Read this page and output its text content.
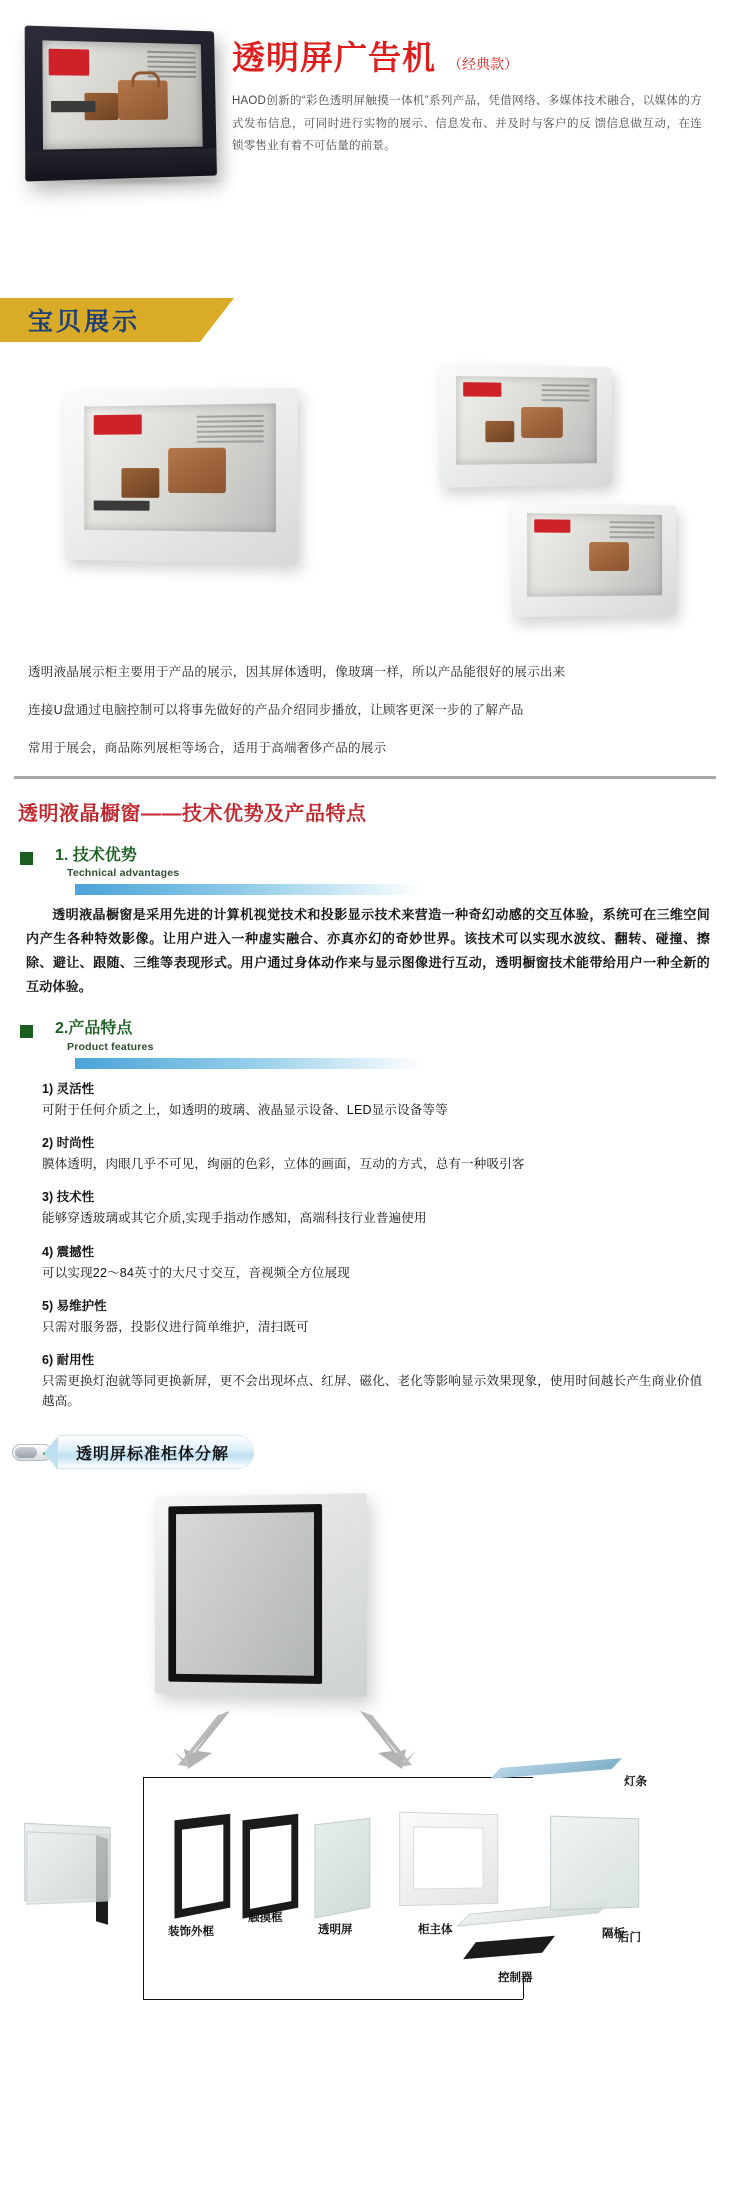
透明屏广告机 （经典款）
HAOD创新的“彩色透明屏触摸一体机”系列产品，凭借网络、多媒体技术融合，以媒体的方式发布信息，可同时进行实物的展示、信息发布、并及时与客户的反 馈信息做互动，在连锁零售业有着不可估量的前景。
宝贝展示

透明液晶展示柜主要用于产品的展示，因其屏体透明，像玻璃一样，所以产品能很好的展示出来

连接U盘通过电脑控制可以将事先做好的产品介绍同步播放，让顾客更深一步的了解产品

常用于展会，商品陈列展柜等场合，适用于高端奢侈产品的展示

透明液晶橱窗——技术优势及产品特点
1. 技术优势
Technical advantages
透明液晶橱窗是采用先进的计算机视觉技术和投影显示技术来营造一种奇幻动感的交互体验，系统可在三维空间内产生各种特效影像。让用户进入一种虚实融合、亦真亦幻的奇妙世界。该技术可以实现水波纹、翻转、碰撞、擦除、避让、跟随、三维等表现形式。用户通过身体动作来与显示图像进行互动，透明橱窗技术能带给用户一种全新的互动体验。
2.产品特点
Product features
1) 灵活性
可附于任何介质之上，如透明的玻璃、液晶显示设备、LED显示设备等等
2) 时尚性
膜体透明，肉眼几乎不可见，绚丽的色彩，立体的画面，互动的方式，总有一种吸引客
3) 技术性
能够穿透玻璃或其它介质,实现手指动作感知，高端科技行业普遍使用
4) 震撼性
可以实现22～84英寸的大尺寸交互，音视频全方位展现
5) 易维护性
只需对服务器，投影仪进行简单维护，清扫既可
6) 耐用性
只需更换灯泡就等同更换新屏，更不会出现坏点、红屏、磁化、老化等影响显示效果现象，使用时间越长产生商业价值越高。
透明屏标准柜体分解
灯条
后门
装饰外框
触摸框
透明屏	柜主体	隔板
控制器
